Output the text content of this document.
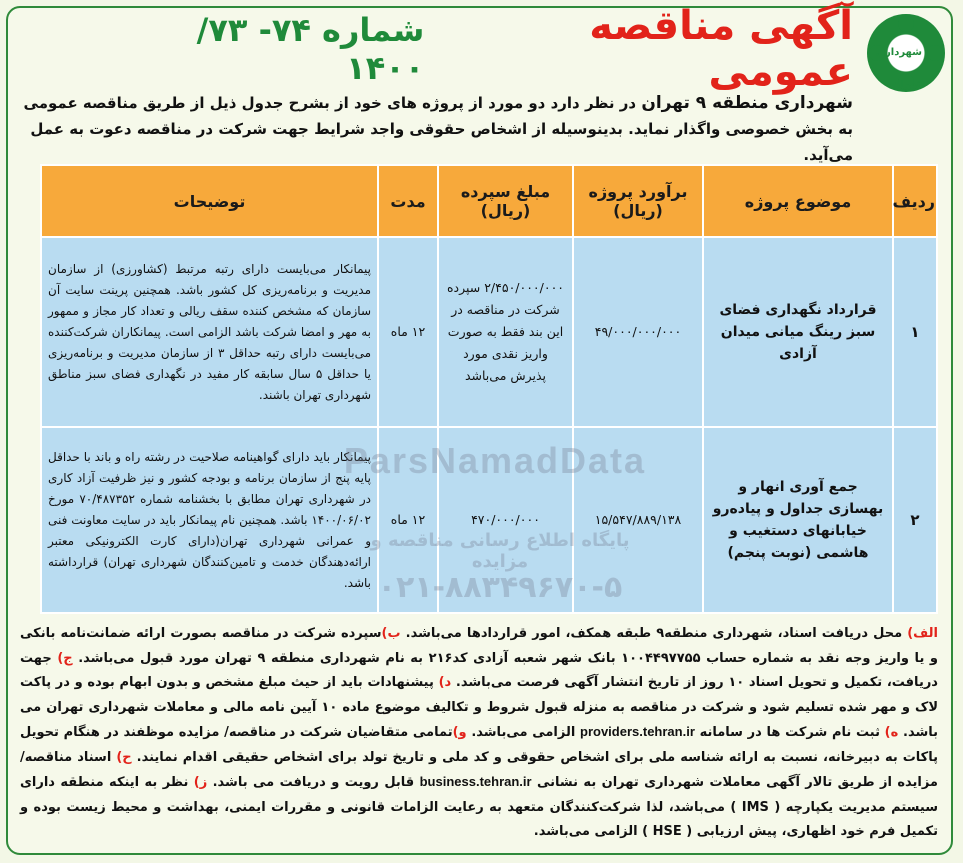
شهرداری تهران
آگهی مناقصه عمومی
شماره ۷۴- ۷۳/ ۱۴۰۰
شهرداری منطقه ۹ تهران در نظر دارد دو مورد از پروژه های خود از بشرح جدول ذیل از طریق مناقصه عمومی
به بخش خصوصی واگذار نماید. بدینوسیله از اشخاص حقوقی واجد شرایط جهت شرکت در مناقصه دعوت به عمل می‌آید.
ردیف	موضوع پروژه	برآورد پروژه (ریال)	مبلغ سپرده (ریال)	مدت	توضیحات
۱	قرارداد نگهداری فضای سبز رینگ میانی میدان آزادی	۴۹/۰۰۰/۰۰۰/۰۰۰	۲/۴۵۰/۰۰۰/۰۰۰ سپرده شرکت در مناقصه در این بند فقط به صورت واریز نقدی مورد پذیرش می‌باشد	۱۲ ماه	پیمانکار می‌بایست دارای رتبه مرتبط (کشاورزی) از سازمان مدیریت و برنامه‌ریزی کل کشور باشد. همچنین پرینت سایت آن سازمان که مشخص کننده سقف ریالی و تعداد کار مجاز و ممهور به مهر و امضا شرکت باشد الزامی است. پیمانکاران شرکت‌کننده می‌بایست دارای رتبه حداقل ۳ از سازمان مدیریت و برنامه‌ریزی یا حداقل ۵ سال سابقه کار مفید در نگهداری فضای سبز مناطق شهرداری تهران باشند.
۲	جمع آوری انهار و بهسازی جداول و پیاده‌رو خیابانهای دستغیب و هاشمی (نوبت پنجم)	۱۵/۵۴۷/۸۸۹/۱۳۸	۴۷۰/۰۰۰/۰۰۰	۱۲ ماه	پیمانکار باید دارای گواهینامه صلاحیت در رشته راه و باند با حداقل پایه پنج از سازمان برنامه و بودجه کشور و نیز ظرفیت آزاد کاری در شهرداری تهران مطابق با بخشنامه شماره ۷۰/۴۸۷۳۵۲ مورخ ۱۴۰۰/۰۶/۰۲ باشد. همچنین نام پیمانکار باید در سایت معاونت فنی و عمرانی شهرداری تهران(دارای کارت الکترونیکی معتبر ارائه‌دهندگان خدمت و تامین‌کنندگان شهرداری تهران) قرارداشته باشد.
ParsNamadData
۰۲۱-۸۸۳۴۹۶۷۰-۵
پایگاه اطلاع رسانی مناقصه و مزایده
الف) محل دریافت اسناد، شهرداری منطقه۹ طبقه همکف، امور قراردادها می‌باشد. ب)سپرده شرکت در مناقصه بصورت ارائه ضمانت‌نامه بانکی و یا واریز وجه نقد به شماره حساب ۱۰۰۴۴۹۷۷۵۵ بانک شهر شعبه آزادی کد۲۱۶ به نام شهرداری منطقه ۹ تهران مورد قبول می‌باشد. ج) جهت دریافت، تکمیل و تحویل اسناد ۱۰ روز از تاریخ انتشار آگهی فرصت می‌باشد. د) پیشنهادات باید از حیث مبلغ مشخص و بدون ابهام بوده و در پاکت لاک و مهر شده تسلیم شود و شرکت در مناقصه به منزله قبول شروط و تکالیف موضوع ماده ۱۰ آیین نامه مالی و معاملات شهرداری تهران می باشد. ه) ثبت نام شرکت ها در سامانه providers.tehran.ir الزامی می‌باشد. و)تمامی متقاضیان شرکت در مناقصه/ مزایده موظفند در هنگام تحویل پاکات به دبیرخانه، نسبت به ارائه شناسه ملی برای اشخاص حقوقی و کد ملی و تاریخ تولد برای اشخاص حقیقی اقدام نمایند. ح) اسناد مناقصه/ مزایده از طریق تالار آگهی معاملات شهرداری تهران به نشانی business.tehran.ir قابل رویت و دریافت می باشد. ز) نظر به اینکه منطقه دارای سیستم مدیریت یکپارچه ( IMS ) می‌باشد، لذا شرکت‌کنندگان متعهد به رعایت الزامات قانونی و مقررات ایمنی، بهداشت و محیط زیست بوده و تکمیل فرم خود اظهاری، پیش ارزیابی ( HSE ) الزامی می‌باشد.
